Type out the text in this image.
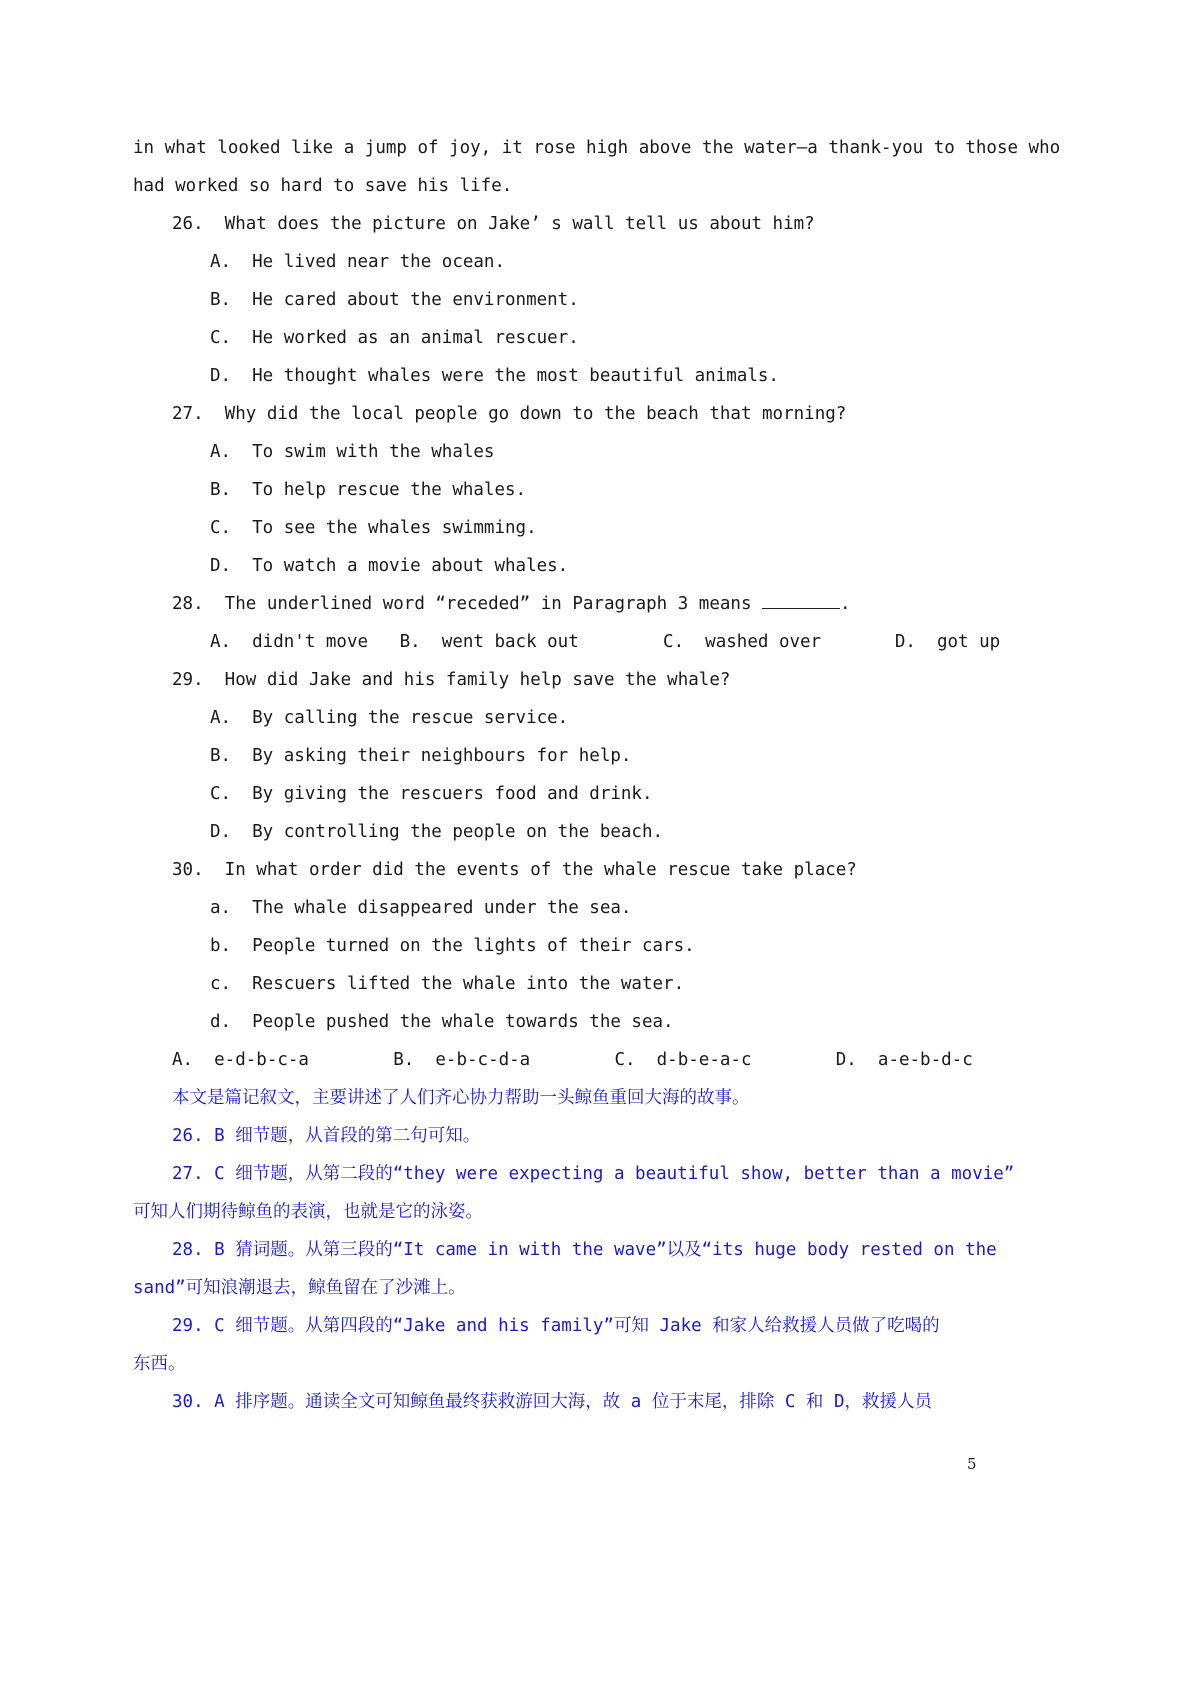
in what looked like a jump of joy, it rose high above the water—a thank-you to those who
had worked so hard to save his life.
26.  What does the picture on Jake’ s wall tell us about him?
A.  He lived near the ocean.
B.  He cared about the environment.
C.  He worked as an animal rescuer.
D.  He thought whales were the most beautiful animals.
27.  Why did the local people go down to the beach that morning?
A.  To swim with the whales
B.  To help rescue the whales.
C.  To see the whales swimming.
D.  To watch a movie about whales.
28.  The underlined word “receded” in Paragraph 3 means	.
A.  didn't move   B.  went back out        C.  washed over       D.  got up
29.  How did Jake and his family help save the whale?
A.  By calling the rescue service.
B.  By asking their neighbours for help.
C.  By giving the rescuers food and drink.
D.  By controlling the people on the beach.
30.  In what order did the events of the whale rescue take place?
a.  The whale disappeared under the sea.
b.  People turned on the lights of their cars.
c.  Rescuers lifted the whale into the water.
d.  People pushed the whale towards the sea.
A.  e-d-b-c-a        B.  e-b-c-d-a        C.  d-b-e-a-c        D.  a-e-b-d-c
本文是篇记叙文，主要讲述了人们齐心协力帮助一头鲸鱼重回大海的故事。
26. B 细节题，从首段的第二句可知。
27. C 细节题，从第二段的“they were expecting a beautiful show, better than a movie”
可知人们期待鲸鱼的表演，也就是它的泳姿。
28. B 猜词题。从第三段的“It came in with the wave”以及“its huge body rested on the
sand”可知浪潮退去，鲸鱼留在了沙滩上。
29. C 细节题。从第四段的“Jake and his family”可知 Jake 和家人给救援人员做了吃喝的
东西。
30. A 排序题。通读全文可知鲸鱼最终获救游回大海，故 a 位于末尾，排除 C 和 D，救援人员
5
